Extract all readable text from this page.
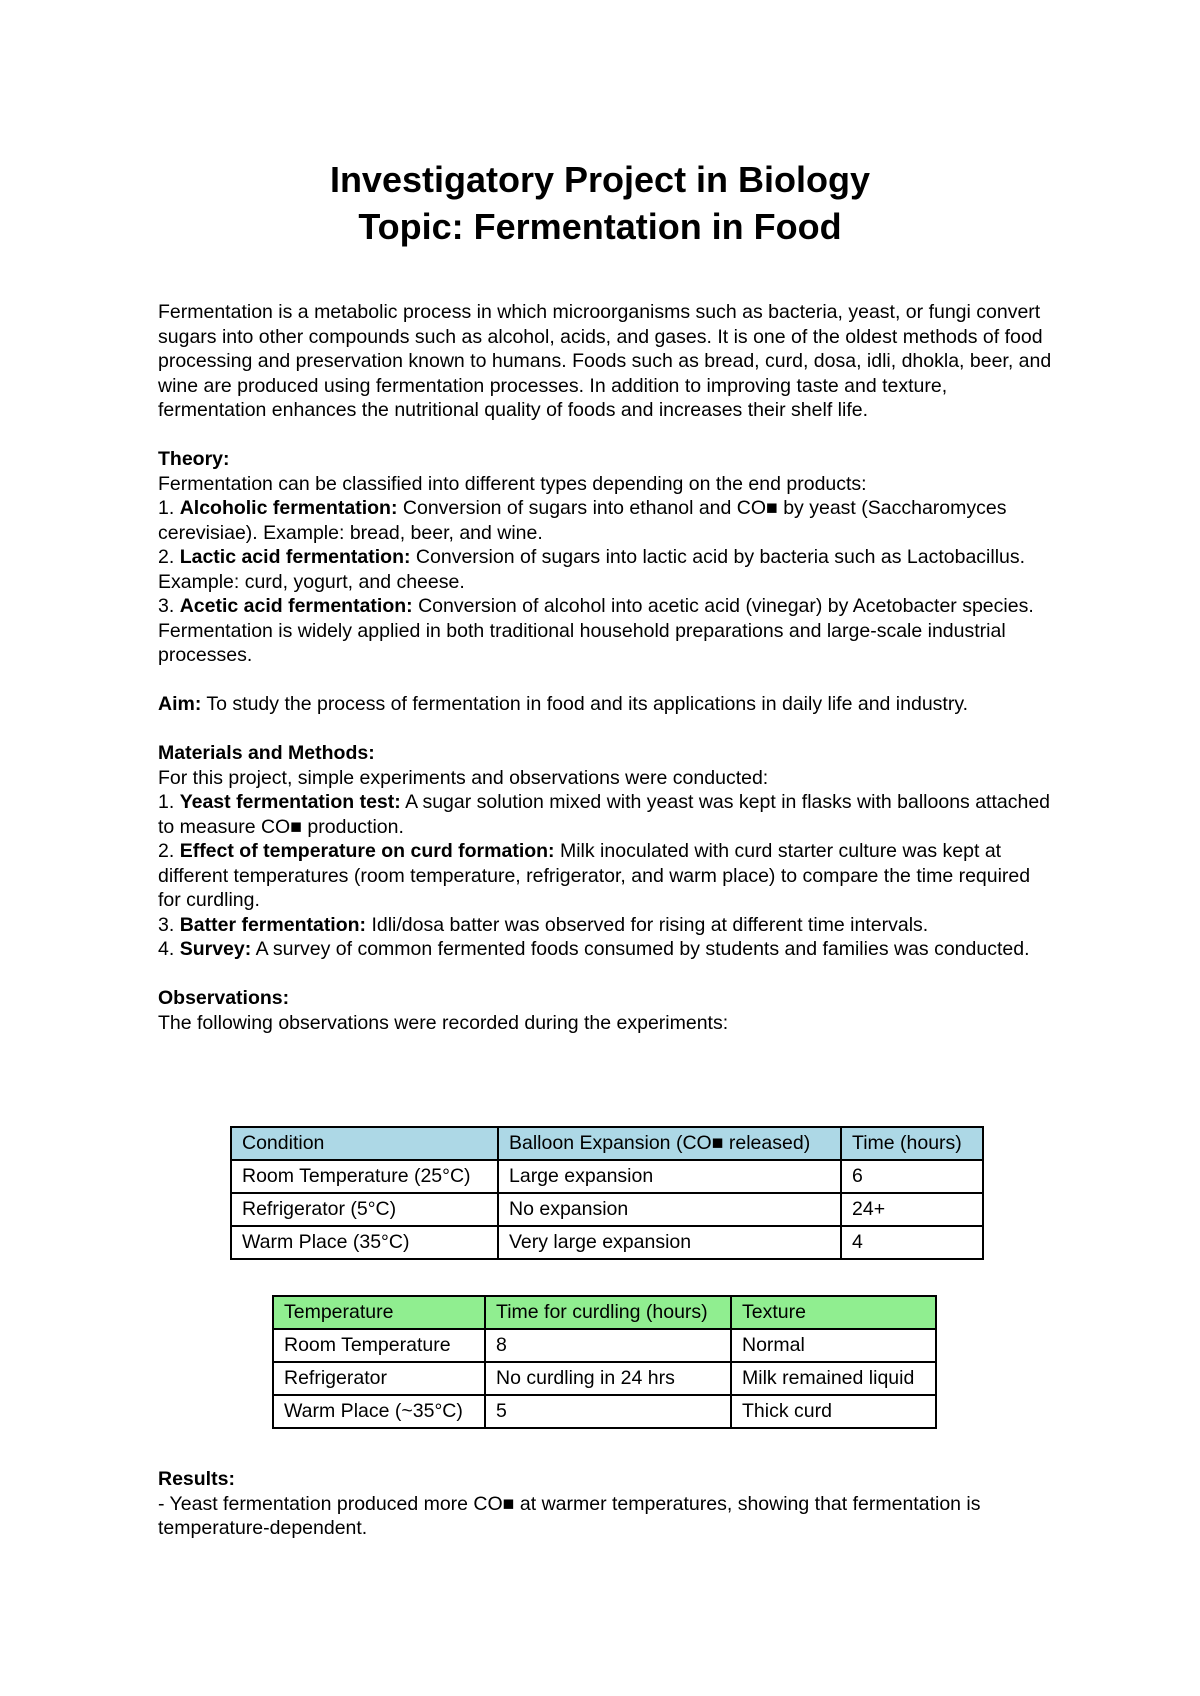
Investigatory Project in Biology
Topic: Fermentation in Food

Fermentation is a metabolic process in which microorganisms such as bacteria, yeast, or fungi convert sugars into other compounds such as alcohol, acids, and gases. It is one of the oldest methods of food processing and preservation known to humans. Foods such as bread, curd, dosa, idli, dhokla, beer, and wine are produced using fermentation processes. In addition to improving taste and texture, fermentation enhances the nutritional quality of foods and increases their shelf life.

Theory:
Fermentation can be classified into different types depending on the end products:
1. Alcoholic fermentation: Conversion of sugars into ethanol and CO■ by yeast (Saccharomyces cerevisiae). Example: bread, beer, and wine.
2. Lactic acid fermentation: Conversion of sugars into lactic acid by bacteria such as Lactobacillus. Example: curd, yogurt, and cheese.
3. Acetic acid fermentation: Conversion of alcohol into acetic acid (vinegar) by Acetobacter species.
Fermentation is widely applied in both traditional household preparations and large-scale industrial processes.
Aim: To study the process of fermentation in food and its applications in daily life and industry.
Materials and Methods:
For this project, simple experiments and observations were conducted:
1. Yeast fermentation test: A sugar solution mixed with yeast was kept in flasks with balloons attached to measure CO■ production.
2. Effect of temperature on curd formation: Milk inoculated with curd starter culture was kept at different temperatures (room temperature, refrigerator, and warm place) to compare the time required for curdling.
3. Batter fermentation: Idli/dosa batter was observed for rising at different time intervals.
4. Survey: A survey of common fermented foods consumed by students and families was conducted.
Observations:
The following observations were recorded during the experiments:
Condition	Balloon Expansion (CO■ released)	Time (hours)
Room Temperature (25°C)	Large expansion	6
Refrigerator (5°C)	No expansion	24+
Warm Place (35°C)	Very large expansion	4
Temperature	Time for curdling (hours)	Texture
Room Temperature	8	Normal
Refrigerator	No curdling in 24 hrs	Milk remained liquid
Warm Place (~35°C)	5	Thick curd
Results:
- Yeast fermentation produced more CO■ at warmer temperatures, showing that fermentation is temperature-dependent.
